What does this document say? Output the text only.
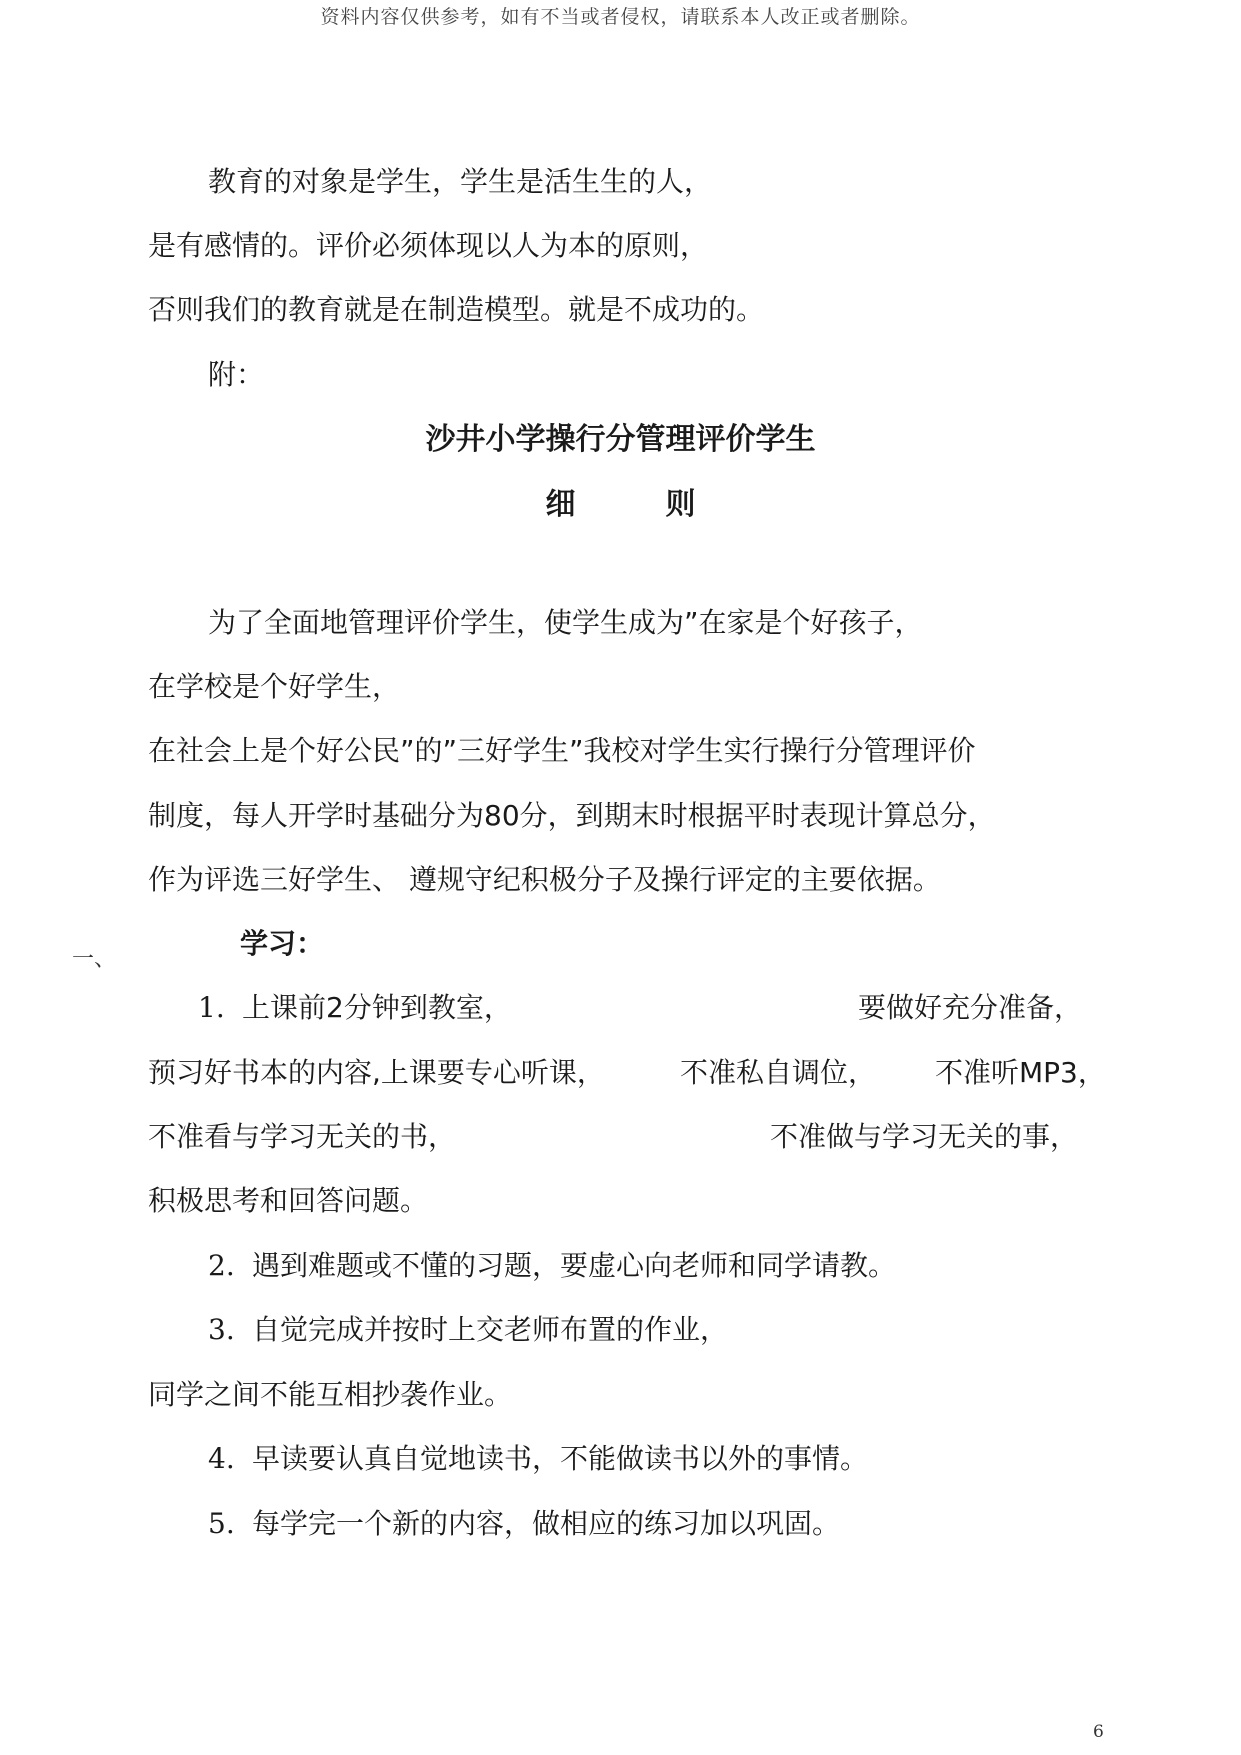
资料内容仅供参考，如有不当或者侵权，请联系本人改正或者删除。
教育的对象是学生，学生是活生生的人，
是有感情的。评价必须体现以人为本的原则，
否则我们的教育就是在制造模型。就是不成功的。
附：
沙井小学操行分管理评价学生
细	则
为了全面地管理评价学生，使学生成为”在家是个好孩子，
在学校是个好学生，
在社会上是个好公民”的”三好学生”我校对学生实行操行分管理评价
制度，每人开学时基础分为80分，到期末时根据平时表现计算总分，
作为评选三好学生、 遵规守纪积极分子及操行评定的主要依据。
一、	学习：
1. 上课前2分钟到教室，	要做好充分准备，
预习好书本的内容,上课要专心听课，	不准私自调位， 不准听MP3，
不准看与学习无关的书，	不准做与学习无关的事，
积极思考和回答问题。
2. 遇到难题或不懂的习题，要虚心向老师和同学请教。
3. 自觉完成并按时上交老师布置的作业，
同学之间不能互相抄袭作业。
4. 早读要认真自觉地读书，不能做读书以外的事情。
5. 每学完一个新的内容，做相应的练习加以巩固。
6
